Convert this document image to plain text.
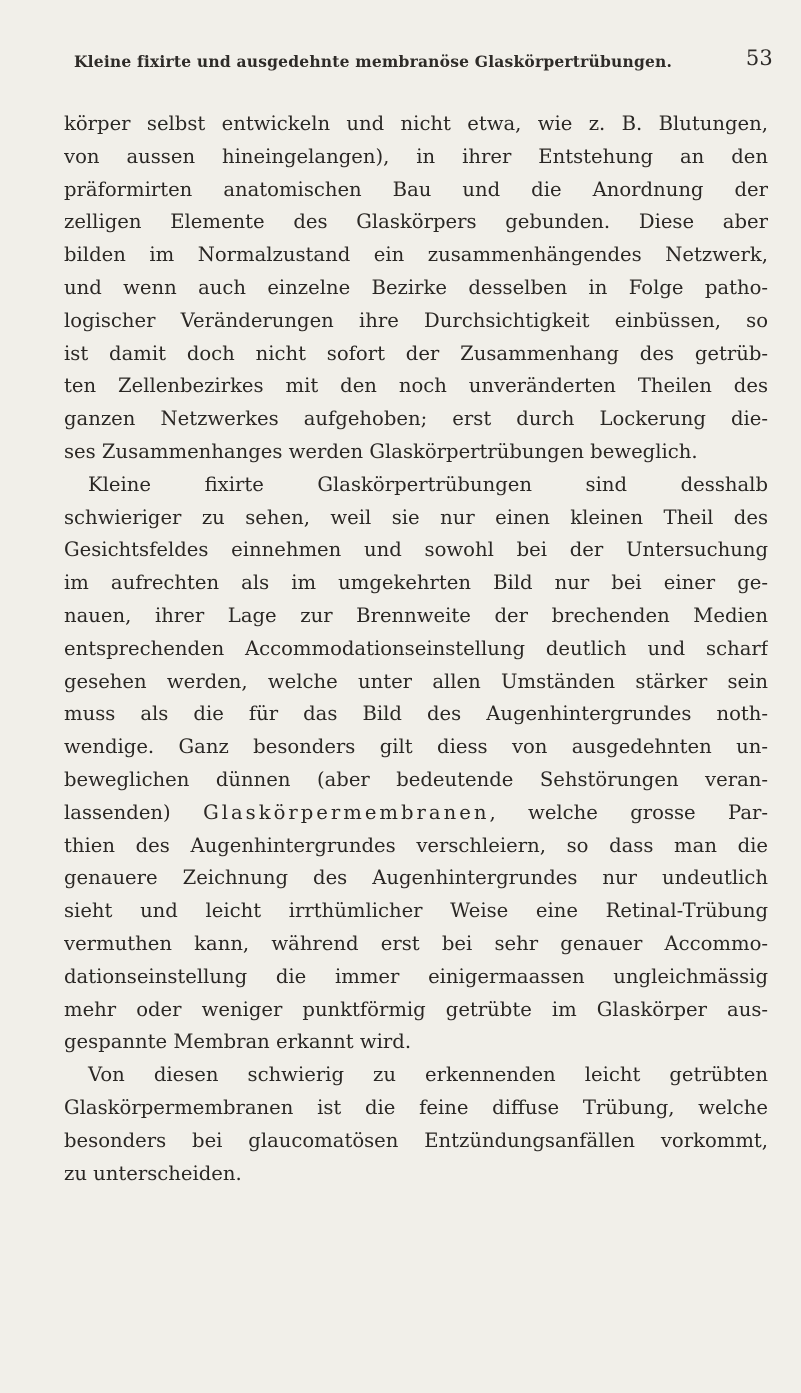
Kleine fixirte und ausgedehnte membranöse Glaskörpertrübungen.	53
körper selbst entwickeln und nicht etwa, wie z. B. Blutungen,
von aussen hineingelangen), in ihrer Entstehung an den
präformirten anatomischen Bau und die Anordnung der
zelligen Elemente des Glaskörpers gebunden. Diese aber
bilden im Normalzustand ein zusammenhängendes Netzwerk,
und wenn auch einzelne Bezirke desselben in Folge patho-
logischer Veränderungen ihre Durchsichtigkeit einbüssen, so
ist damit doch nicht sofort der Zusammenhang des getrüb-
ten Zellenbezirkes mit den noch unveränderten Theilen des
ganzen Netzwerkes aufgehoben; erst durch Lockerung die-
ses Zusammenhanges werden Glaskörpertrübungen beweglich.
Kleine fixirte Glaskörpertrübungen sind desshalb
schwieriger zu sehen, weil sie nur einen kleinen Theil des
Gesichtsfeldes einnehmen und sowohl bei der Untersuchung
im aufrechten als im umgekehrten Bild nur bei einer ge-
nauen, ihrer Lage zur Brennweite der brechenden Medien
entsprechenden Accommodationseinstellung deutlich und scharf
gesehen werden, welche unter allen Umständen stärker sein
muss als die für das Bild des Augenhintergrundes noth-
wendige. Ganz besonders gilt diess von ausgedehnten un-
beweglichen dünnen (aber bedeutende Sehstörungen veran-
lassenden) Glaskörpermembranen, welche grosse Par-
thien des Augenhintergrundes verschleiern, so dass man die
genauere Zeichnung des Augenhintergrundes nur undeutlich
sieht und leicht irrthümlicher Weise eine Retinal-Trübung
vermuthen kann, während erst bei sehr genauer Accommo-
dationseinstellung die immer einigermaassen ungleichmässig
mehr oder weniger punktförmig getrübte im Glaskörper aus-
gespannte Membran erkannt wird.
Von diesen schwierig zu erkennenden leicht getrübten
Glaskörpermembranen ist die feine diffuse Trübung, welche
besonders bei glaucomatösen Entzündungsanfällen vorkommt,
zu unterscheiden.
